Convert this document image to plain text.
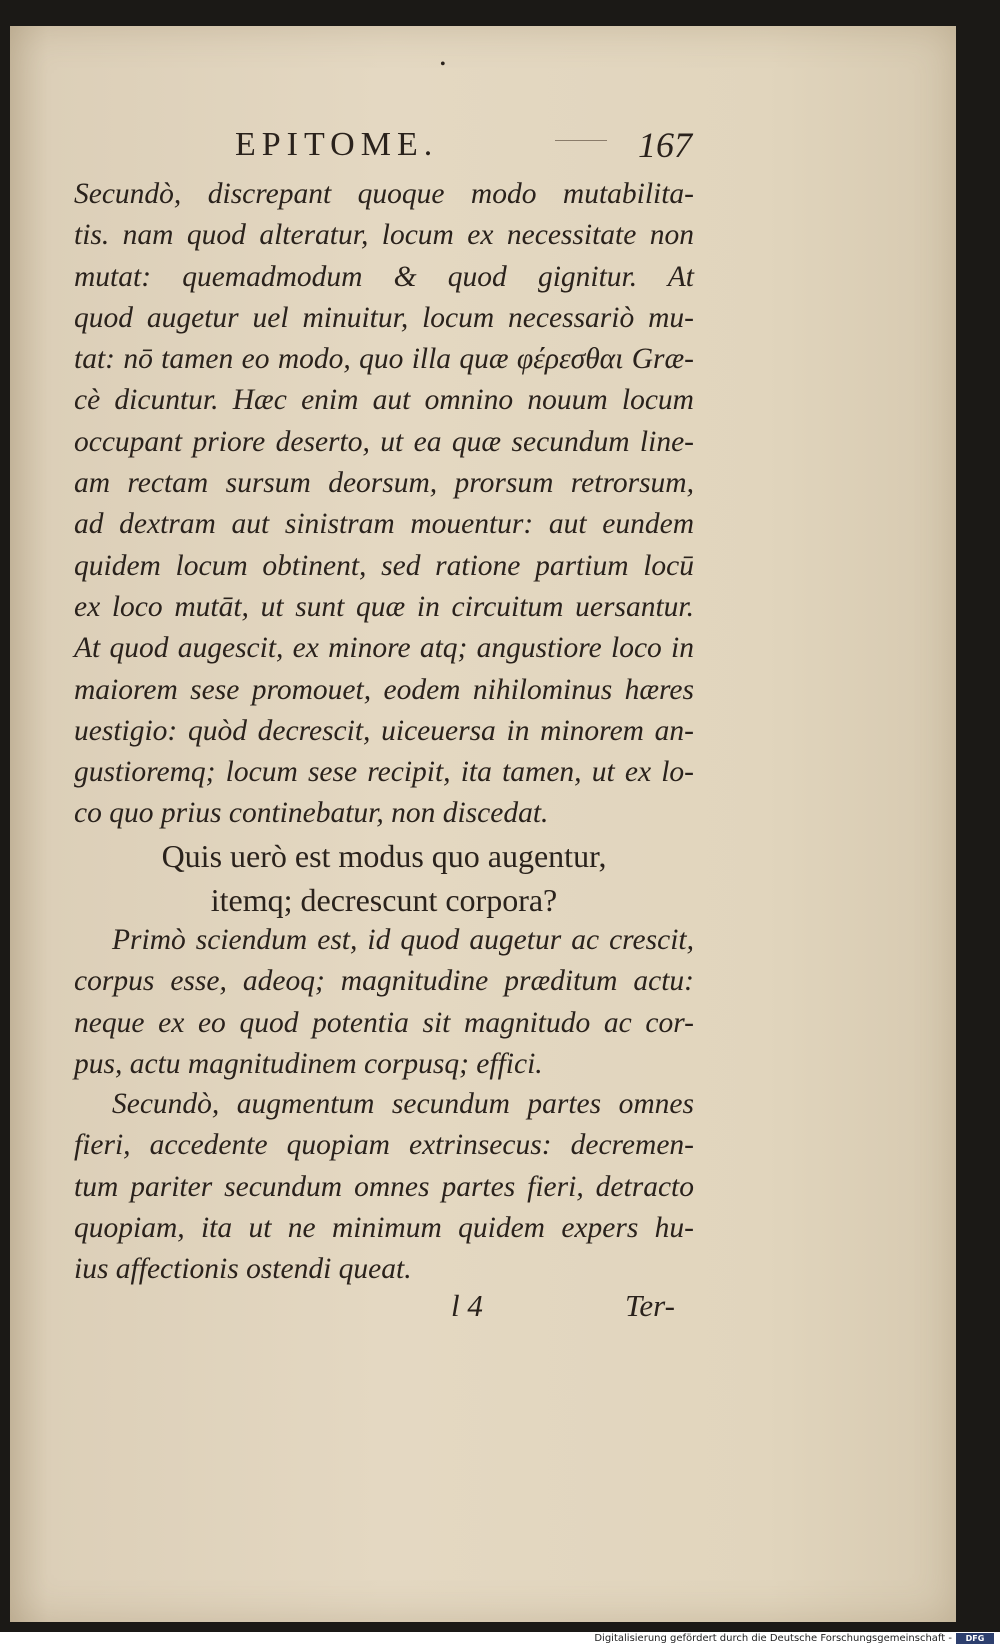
•
EPITOME.	167
Secundò, discrepant quoque modo mutabilita-
tis. nam quod alteratur, locum ex necessitate non
mutat: quemadmodum & quod gignitur. At
quod augetur uel minuitur, locum necessariò mu-
tat: nō tamen eo modo, quo illa quæ φέρεσθαι Græ-
cè dicuntur. Hæc enim aut omnino nouum locum
occupant priore deserto, ut ea quæ secundum line-
am rectam sursum deorsum, prorsum retrorsum,
ad dextram aut sinistram mouentur: aut eundem
quidem locum obtinent, sed ratione partium locū
ex loco mutāt, ut sunt quæ in circuitum uersantur.
At quod augescit, ex minore atq; angustiore loco in
maiorem sese promouet, eodem nihilominus hæres
uestigio: quòd decrescit, uiceuersa in minorem an-
gustioremq; locum sese recipit, ita tamen, ut ex lo-
co quo prius continebatur, non discedat.
Quis uerò est modus quo augentur,
itemq; decrescunt corpora?
Primò sciendum est, id quod augetur ac crescit,
corpus esse, adeoq; magnitudine præditum actu:
neque ex eo quod potentia sit magnitudo ac cor-
pus, actu magnitudinem corpusq; effici.
Secundò, augmentum secundum partes omnes
fieri, accedente quopiam extrinsecus: decremen-
tum pariter secundum omnes partes fieri, detracto
quopiam, ita ut ne minimum quidem expers hu-
ius affectionis ostendi queat.
l 4	Ter-
Digitalisierung gefördert durch die Deutsche Forschungsgemeinschaft -	DFG
